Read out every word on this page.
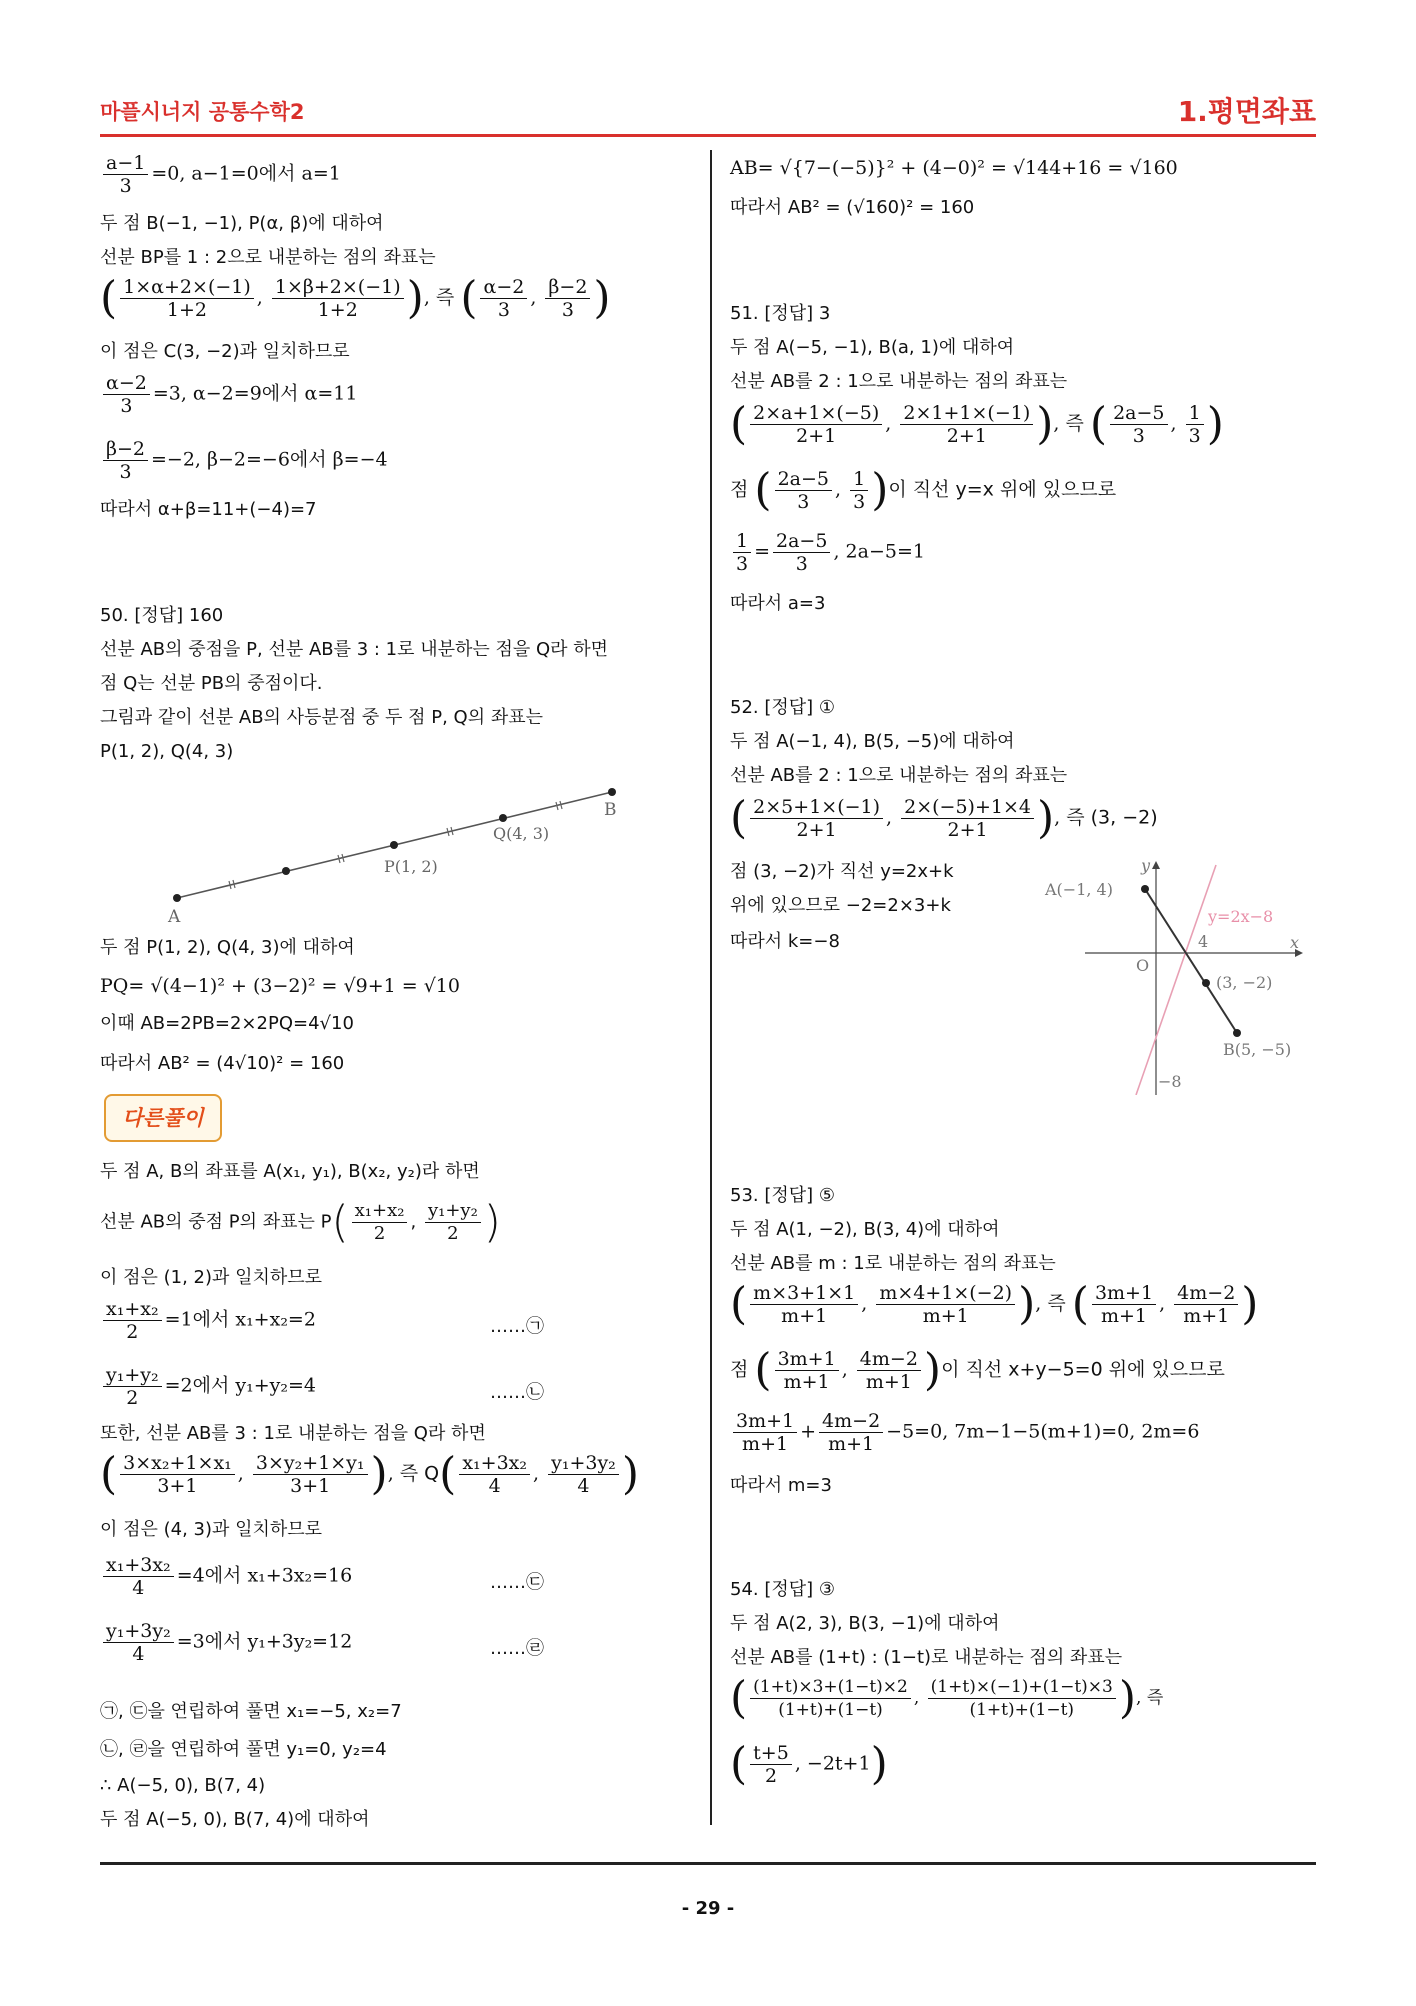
마플시너지 공통수학2	1.평면좌표
$\frac{a-1}{3} =0$, a−1=0에서 a=1
두 점 B(−1, −1), P(α, β)에 대하여
선분 BP를 1 : 2으로 내분하는 점의 좌표는
( $\frac{1\times\alpha+2\times(-1)}{1+2}$ , $\frac{1\times\beta+2\times(-1)}{1+2}$ ), 즉 ( $\frac{\alpha-2}{3}$ , $\frac{\beta-2}{3}$ )
이 점은 C(3, −2)과 일치하므로
$\frac{\alpha-2}{3} =3$, α−2=9에서 α=11
$\frac{\beta-2}{3} =-2$, β−2=−6에서 β=−4
따라서 α+β=11+(−4)=7
50. [정답] 160
선분 AB의 중점을 P, 선분 AB를 3 : 1로 내분하는 점을 Q라 하면
점 Q는 선분 PB의 중점이다.
그림과 같이 선분 AB의 사등분점 중 두 점 P, Q의 좌표는
P(1, 2), Q(4, 3)
A
B
P(1, 2)
Q(4, 3)
두 점 P(1, 2), Q(4, 3)에 대하여
PQ= √(4−1)² + (3−2)² = √9+1 = √10
이때 AB=2PB=2×2PQ=4√10
따라서 AB² = (4√10)² = 160
다른풀이
두 점 A, B의 좌표를 A(x₁, y₁), B(x₂, y₂)라 하면
선분 AB의 중점 P의 좌표는 $P( \frac{\text{x₁+x₂}}{2}$ , $\frac{\text{y₁+y₂}}{2}$ )
이 점은 (1, 2)과 일치하므로
$\frac{\text{x₁+x₂}}{2} =1$에서 x₁+x₂=2	……㉠
$\frac{\text{y₁+y₂}}{2} =2$에서 y₁+y₂=4	……㉡
또한, 선분 AB를 3 : 1로 내분하는 점을 Q라 하면
( $\frac{\text{3×x₂+1×x₁}}{3+1}$ , $\frac{\text{3×y₂+1×y₁}}{3+1}$ ), 즉 $Q( \frac{\text{x₁+3x₂}}{4}$ , $\frac{\text{y₁+3y₂}}{4}$ )
이 점은 (4, 3)과 일치하므로
$\frac{\text{x₁+3x₂}}{4} =4$에서 x₁+3x₂=16	……㉢
$\frac{\text{y₁+3y₂}}{4} =3$에서 y₁+3y₂=12	……㉣
㉠, ㉢을 연립하여 풀면 x₁=−5, x₂=7
㉡, ㉣을 연립하여 풀면 y₁=0, y₂=4
∴ A(−5, 0), B(7, 4)
두 점 A(−5, 0), B(7, 4)에 대하여
AB= √{7−(−5)}² + (4−0)² = √144+16 = √160
따라서 AB² = (√160)² = 160
51. [정답] 3
두 점 A(−5, −1), B(a, 1)에 대하여
선분 AB를 2 : 1으로 내분하는 점의 좌표는
( $\frac{2\times a+1\times(-5)}{2+1}$ , $\frac{2\times 1+1\times(-1)}{2+1}$ ), 즉 ( $\frac{2a-5}{3}$ , $\frac{1}{3}$ )
점 ( $\frac{2a-5}{3}$ , $\frac{1}{3}$ )이 직선 y=x 위에 있으므로
$\frac{1}{3} = \frac{2a-5}{3}$ , 2a−5=1
따라서 a=3
52. [정답] ①
두 점 A(−1, 4), B(5, −5)에 대하여
선분 AB를 2 : 1으로 내분하는 점의 좌표는
( $\frac{2\times 5+1\times(-1)}{2+1}$ , $\frac{2\times(-5)+1\times 4}{2+1}$ ), 즉 (3, −2)
점 (3, −2)가 직선 y=2x+k
위에 있으므로 −2=2×3+k
따라서 k=−8
A(−1, 4)
B(5, −5)
(3, −2)
y=2x−8
x
y
O
4
−8
53. [정답] ⑤
두 점 A(1, −2), B(3, 4)에 대하여
선분 AB를 m : 1로 내분하는 점의 좌표는
( $\frac{m\times 3+1\times 1}{m+1}$ , $\frac{m\times 4+1\times(-2)}{m+1}$ ), 즉 ( $\frac{3m+1}{m+1}$ , $\frac{4m-2}{m+1}$ )
점 ( $\frac{3m+1}{m+1}$ , $\frac{4m-2}{m+1}$ )이 직선 x+y−5=0 위에 있으므로
$\frac{3m+1}{m+1} + \frac{4m-2}{m+1} -5=0$, 7m−1−5(m+1)=0, 2m=6
따라서 m=3
54. [정답] ③
두 점 A(2, 3), B(3, −1)에 대하여
선분 AB를 (1+t) : (1−t)로 내분하는 점의 좌표는
( $\frac{(1+t)\times 3+(1-t)\times 2}{(1+t)+(1-t)}$ , $\frac{(1+t)\times(-1)+(1-t)\times 3}{(1+t)+(1-t)}$ ), 즉
( $\frac{t+5}{2}$ , −2t+1)
- 29 -
